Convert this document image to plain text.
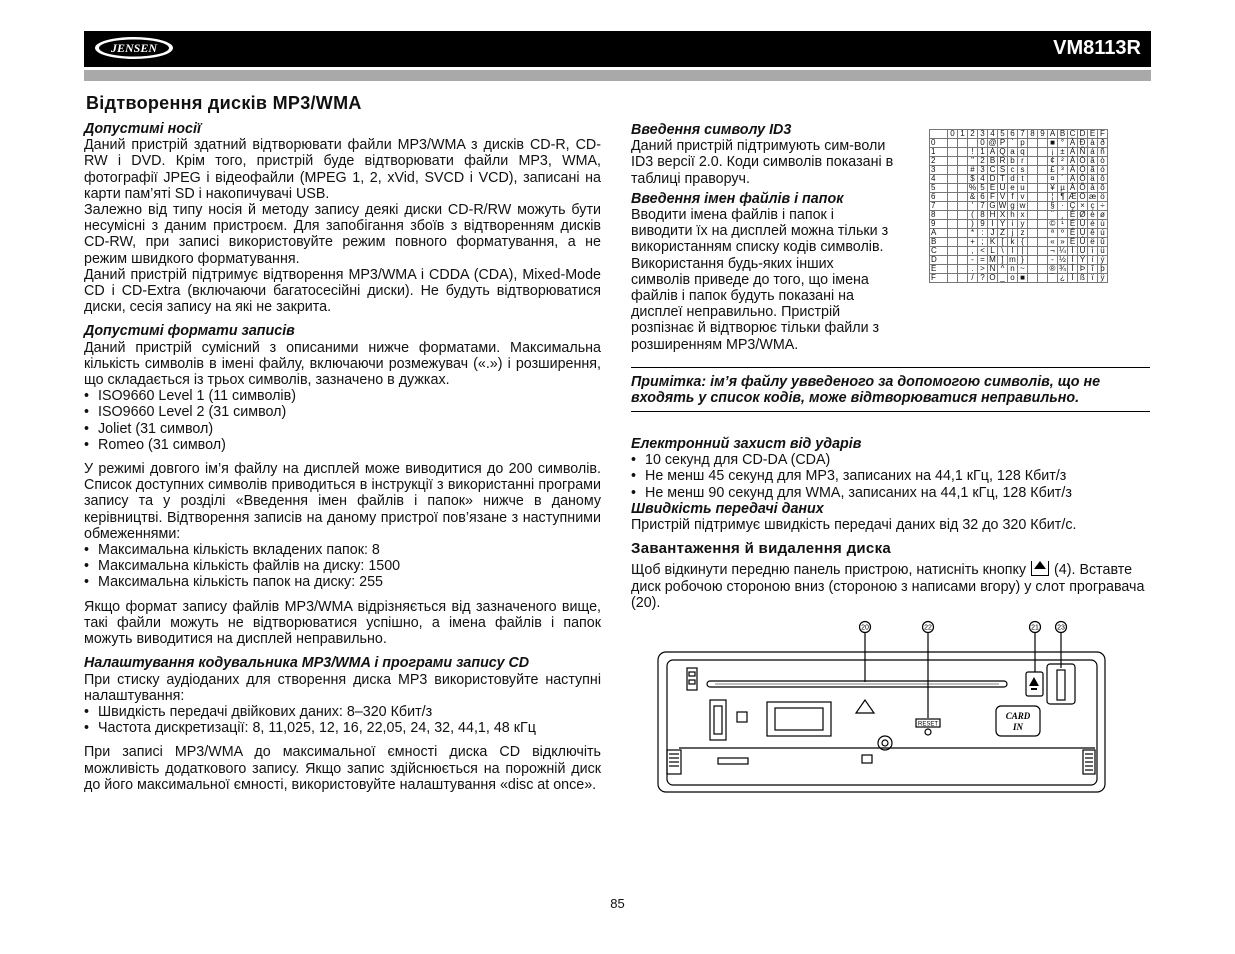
JENSEN	VM8113R
Відтворення дисків MP3/WMA
Допустимі носії

Даний пристрій здатний відтворювати файли MP3/WMA з дисків CD-R, CD-RW і DVD. Крім того, пристрій буде відтворювати файли MP3, WMA, фотографії JPEG і відеофайли (MPEG 1, 2, xVid, SVCD і VCD), записані на карти пам’яті SD і накопичувачі USB.

Залежно від типу носія й методу запису деякі диски CD-R/RW можуть бути несумісні з даним пристроєм. Для запобігання збоїв з відтворенням дисків CD-RW, при записі використовуйте режим повного форматування, а не режим швидкого форматування.

Даний пристрій підтримує відтворення MP3/WMA і CDDA (CDA), Mixed-Mode CD і CD-Extra (включаючи багатосесійні диски). Не будуть відтворюватися диски, сесія запису на які не закрита.

Допустимі формати записів

Даний пристрій сумісний з описаними нижче форматами. Максимальна кількість символів в імені файлу, включаючи розмежувач («.») і розширення, що складається із трьох символів, зазначено в дужках.

• ISO9660 Level 1 (11 символів)
• ISO9660 Level 2 (31 символ)
• Joliet (31 символ)
• Romeo (31 символ)

У режимі довгого ім’я файлу на дисплей може виводитися до 200 символів. Список доступних символів приводиться в інструкції з використанні програми запису та у розділі «Введення імен файлів і папок» нижче в даному керівництві. Відтворення записів на даному пристрої пов’язане з наступними обмеженнями:

• Максимальна кількість вкладених папок: 8
• Максимальна кількість файлів на диску: 1500
• Максимальна кількість папок на диску: 255

Якщо формат запису файлів MP3/WMA відрізняється від зазначеного вище, такі файли можуть не відтворюватися успішно, а імена файлів і папок можуть виводитися на дисплей неправильно.

Налаштування кодувальника MP3/WMA і програми запису CD

При стиску аудіоданих для створення диска MP3 використовуйте наступні налаштування:

• Швидкість передачі двійкових даних: 8–320 Кбит/з
• Частота дискретизації: 8, 11,025, 12, 16, 22,05, 24, 32, 44,1, 48 кГц

При записі MP3/WMA до максимальної ємності диска CD відключіть можливість додаткового запису. Якщо запис здійснюється на порожній диск до його максимальної ємності, використовуйте налаштування «disc at once».

Введення символу ID3

Даний пристрій підтримують сим-воли ID3 версії 2.0. Коди символів показані в таблиці праворуч.

Введення імен файлів і папок

Вводити імена файлів і папок і виводити їх на дисплей можна тільки з використанням списку кодів символів. Використання будь-яких інших символів приведе до того, що імена файлів і папок будуть показані на дисплеї неправильно. Пристрій розпізнає й відтворює тільки файли з розширенням MP3/WMA.

	0	1	2	3	4	5	6	7	8	9	A	B	C	D	E	F
0				0	@	P	`	p			■	°	À	Ð	à	ð
1			!	1	A	Q	a	q			¡	±	Á	Ñ	á	ñ
2			"	2	B	R	b	r			¢	²	Â	Ò	â	ò
3			#	3	C	S	c	s			£	³	Ã	Ó	ã	ó
4			$	4	D	T	d	t			¤	´	Ä	Ô	ä	ô
5			%	5	E	U	e	u			¥	µ	Å	Õ	å	õ
6			&	6	F	V	f	v			¦	¶	Æ	Ö	æ	ö
7			'	7	G	W	g	w			§	·	Ç	×	ç	÷
8			(	8	H	X	h	x			¨	¸	È	Ø	è	ø
9			)	9	I	Y	i	y			©	¹	É	Ù	é	ù
A			*	:	J	Z	j	z			ª	º	Ê	Ú	ê	ú
B			+	;	K	[	k	{			«	»	Ë	Û	ë	û
C			,	<	L	\	l	|			¬	¼	Ì	Ü	ì	ü
D			-	=	M	]	m	}			-	½	Í	Ý	í	ý
E			.	>	N	^	n	~			®	¾	Î	Þ	î	þ
F			/	?	O	_	o	■			¯	¿	Ï	ß	ï	ÿ
Примітка: ім’я файлу увведеного за допомогою символів, що не входять у список кодів, може відтворюватися неправильно.
Електронний захист від ударів
• 10 секунд для CD-DA (CDA)
• Не менш 45 секунд для MP3, записаних на 44,1 кГц, 128 Кбит/з
• Не менш 90 секунд для WMA, записаних на 44,1 кГц, 128 Кбит/з
Швидкість передачі даних

Пристрій підтримує швидкість передачі даних від 32 до 320 Кбит/с.

Завантаження й видалення диска

Щоб відкинути передню панель пристрою, натисніть кнопку (4). Вставте диск робочою стороною вниз (стороною з написами вгору) у слот програвача (20).

20	22	21	23
RESET
CARD
IN
85
